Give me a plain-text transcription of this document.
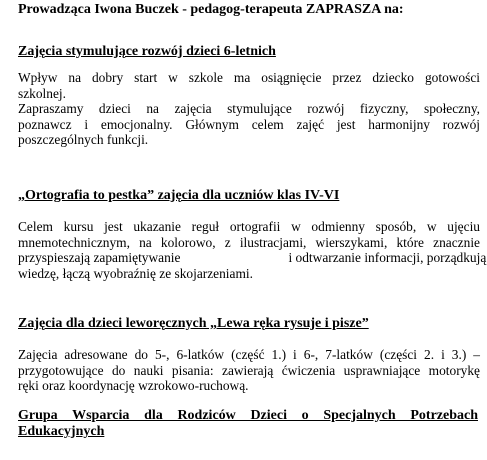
Prowadząca Iwona Buczek - pedagog-terapeuta ZAPRASZA na:
Zajęcia stymulujące rozwój dzieci 6-letnich
Wpływ na dobry start w szkole ma osiągnięcie przez dziecko gotowości
szkolnej.
Zapraszamy dzieci na zajęcia stymulujące rozwój fizyczny, społeczny,
poznawcz i emocjonalny. Głównym celem zajęć jest harmonijny rozwój
poszczególnych funkcji.
„Ortografia to pestka” zajęcia dla uczniów klas IV-VI
Celem kursu jest ukazanie reguł ortografii w odmienny sposób, w ujęciu
mnemotechnicznym, na kolorowo, z ilustracjami, wierszykami, które znacznie
przyspieszają zapamiętywanie	i odtwarzanie informacji, porządkują
wiedzę, łączą wyobraźnię ze skojarzeniami.
Zajęcia dla dzieci leworęcznych „Lewa ręka rysuje i pisze”
Zajęcia adresowane do 5-, 6-latków (część 1.) i 6-, 7-latków (części 2. i 3.) –
przygotowujące do nauki pisania: zawierają ćwiczenia usprawniające motorykę
ręki oraz koordynację wzrokowo-ruchową.
Grupa Wsparcia dla Rodziców Dzieci o Specjalnych Potrzebach
Edukacyjnych
